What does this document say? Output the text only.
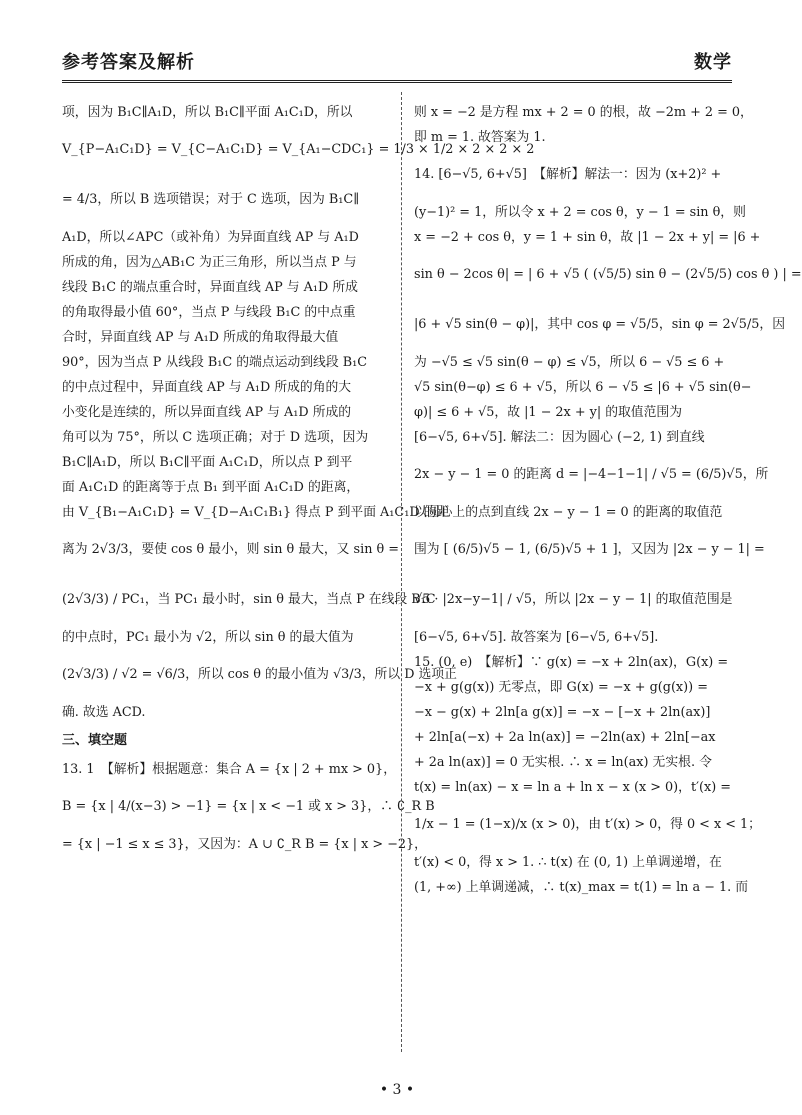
参考答案及解析	数学
项，因为 B₁C∥A₁D，所以 B₁C∥平面 A₁C₁D，所以
V_{P−A₁C₁D} = V_{C−A₁C₁D} = V_{A₁−CDC₁} = 1/3 × 1/2 × 2 × 2 × 2
= 4/3，所以 B 选项错误；对于 C 选项，因为 B₁C∥
A₁D，所以∠APC（或补角）为异面直线 AP 与 A₁D
所成的角，因为△AB₁C 为正三角形，所以当点 P 与
线段 B₁C 的端点重合时，异面直线 AP 与 A₁D 所成
的角取得最小值 60°，当点 P 与线段 B₁C 的中点重
合时，异面直线 AP 与 A₁D 所成的角取得最大值
90°，因为当点 P 从线段 B₁C 的端点运动到线段 B₁C
的中点过程中，异面直线 AP 与 A₁D 所成的角的大
小变化是连续的，所以异面直线 AP 与 A₁D 所成的
角可以为 75°，所以 C 选项正确；对于 D 选项，因为
B₁C∥A₁D，所以 B₁C∥平面 A₁C₁D，所以点 P 到平
面 A₁C₁D 的距离等于点 B₁ 到平面 A₁C₁D 的距离，
由 V_{B₁−A₁C₁D} = V_{D−A₁C₁B₁} 得点 P 到平面 A₁C₁D 的距
离为 2√3/3，要使 cos θ 最小，则 sin θ 最大，又 sin θ =
(2√3/3) / PC₁，当 PC₁ 最小时，sin θ 最大，当点 P 在线段 B₁C
的中点时，PC₁ 最小为 √2，所以 sin θ 的最大值为
(2√3/3) / √2 = √6/3，所以 cos θ 的最小值为 √3/3，所以 D 选项正
确. 故选 ACD.
三、填空题
13. 1　【解析】根据题意：集合 A = {x | 2 + mx > 0}，
B = {x | 4/(x−3) > −1} = {x | x < −1 或 x > 3}，∴ ∁_R B
= {x | −1 ≤ x ≤ 3}，又因为：A ∪ ∁_R B = {x | x > −2}，
则 x = −2 是方程 mx + 2 = 0 的根，故 −2m + 2 = 0，
即 m = 1. 故答案为 1.
14. [6−√5, 6+√5]　【解析】解法一：因为 (x+2)² +
(y−1)² = 1，所以令 x + 2 = cos θ，y − 1 = sin θ，则
x = −2 + cos θ，y = 1 + sin θ，故 |1 − 2x + y| = |6 +
sin θ − 2cos θ| = | 6 + √5 ( (√5/5) sin θ − (2√5/5) cos θ ) | =
|6 + √5 sin(θ − φ)|，其中 cos φ = √5/5，sin φ = 2√5/5，因
为 −√5 ≤ √5 sin(θ − φ) ≤ √5，所以 6 − √5 ≤ 6 +
√5 sin(θ−φ) ≤ 6 + √5，所以 6 − √5 ≤ |6 + √5 sin(θ−
φ)| ≤ 6 + √5，故 |1 − 2x + y| 的取值范围为
[6−√5, 6+√5]. 解法二：因为圆心 (−2, 1) 到直线
2x − y − 1 = 0 的距离 d = |−4−1−1| / √5 = (6/5)√5，所
以圆心上的点到直线 2x − y − 1 = 0 的距离的取值范
围为 [ (6/5)√5 − 1, (6/5)√5 + 1 ]，又因为 |2x − y − 1| =
√5 · |2x−y−1| / √5，所以 |2x − y − 1| 的取值范围是
[6−√5, 6+√5]. 故答案为 [6−√5, 6+√5].
15. (0, e)　【解析】∵ g(x) = −x + 2ln(ax)，G(x) =
−x + g(g(x)) 无零点，即 G(x) = −x + g(g(x)) =
−x − g(x) + 2ln[a g(x)] = −x − [−x + 2ln(ax)]
+ 2ln[a(−x) + 2a ln(ax)] = −2ln(ax) + 2ln[−ax
+ 2a ln(ax)] = 0 无实根. ∴ x = ln(ax) 无实根. 令
t(x) = ln(ax) − x = ln a + ln x − x (x > 0)，t′(x) =
1/x − 1 = (1−x)/x (x > 0)，由 t′(x) > 0，得 0 < x < 1；
t′(x) < 0，得 x > 1. ∴ t(x) 在 (0, 1) 上单调递增，在
(1, +∞) 上单调递减，∴ t(x)_max = t(1) = ln a − 1. 而
• 3 •
